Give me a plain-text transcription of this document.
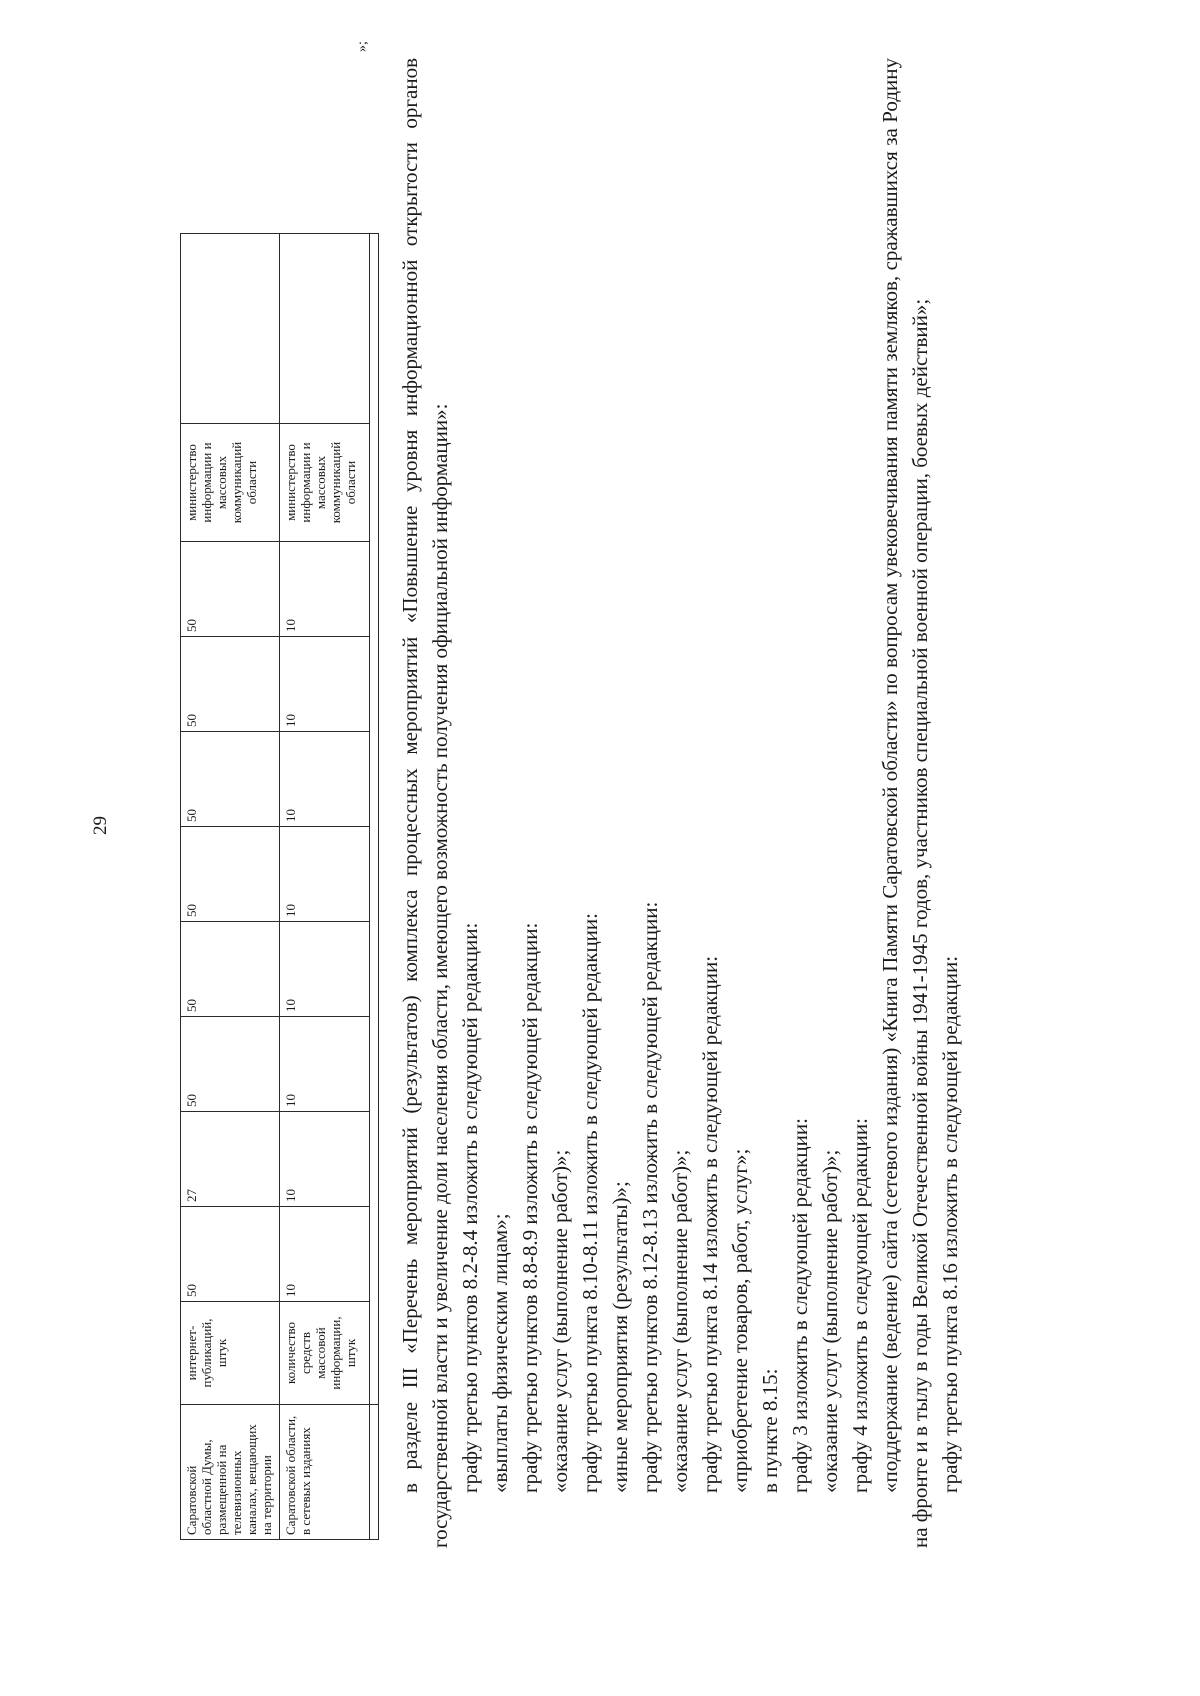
29
Саратовской областной Думы, размещенной на телевизионных каналах, вещающих на территории	интернет-публикаций, штук	50	27	50	50	50	50	50	50	министерство информации и массовых коммуникаций области	
Саратовской области, в сетевых изданиях	количество средств массовой информации, штук	10	10	10	10	10	10	10	10	министерство информации и массовых коммуникаций области	

»;

в разделе III «Перечень мероприятий (результатов) комплекса процессных мероприятий «Повышение уровня информационной открытости органов государственной власти и увеличение доли населения области, имеющего возможность получения официальной информации»: графу третью пунктов 8.2-8.4 изложить в следующей редакции: «выплаты физическим лицам»; графу третью пунктов 8.8-8.9 изложить в следующей редакции: «оказание услуг (выполнение работ)»; графу третью пункта 8.10-8.11 изложить в следующей редакции: «иные мероприятия (результаты)»; графу третью пунктов 8.12-8.13 изложить в следующей редакции: «оказание услуг (выполнение работ)»; графу третью пункта 8.14 изложить в следующей редакции: «приобретение товаров, работ, услуг»; в пункте 8.15: графу 3 изложить в следующей редакции: «оказание услуг (выполнение работ)»; графу 4 изложить в следующей редакции: «поддержание (ведение) сайта (сетевого издания) «Книга Памяти Саратовской области» по вопросам увековечивания памяти земляков, сражавшихся за Родину на фронте и в тылу в годы Великой Отечественной войны 1941-1945 годов, участников специальной военной операции, боевых действий»; графу третью пункта 8.16 изложить в следующей редакции:
